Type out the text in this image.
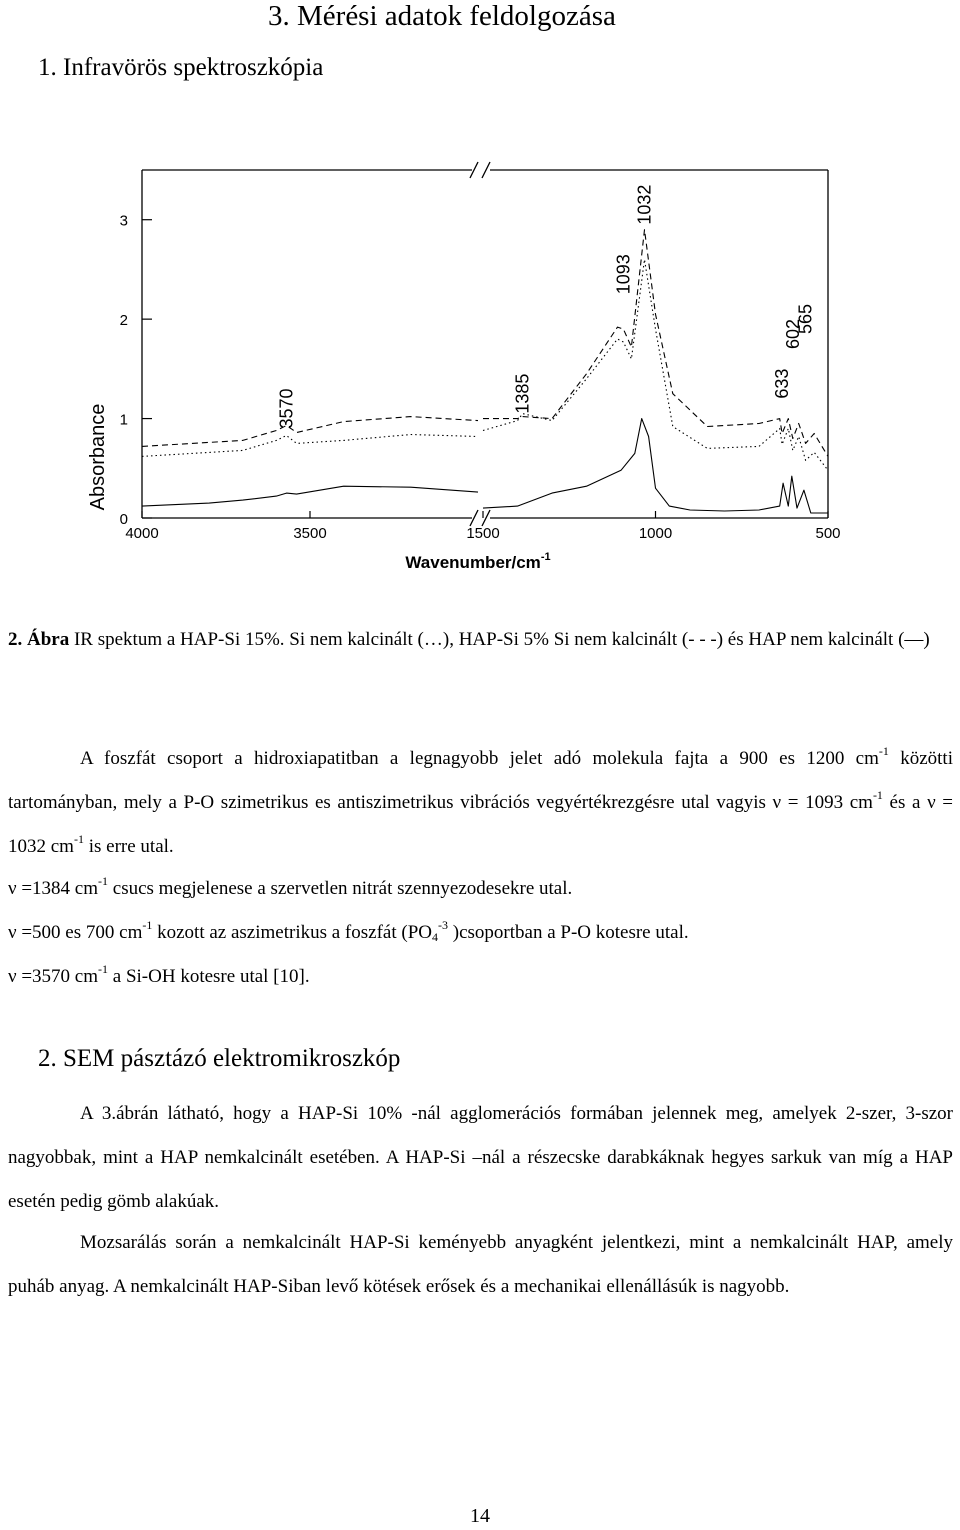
3. Mérési adatok feldolgozása
1. Infravörös spektroszkópia
4000	3500	1500	1000	500
0
1
2
3
3570	1385
1093
1032
633
602
565
Absorbance
Wavenumber/$cm^{-1}$
2. Ábra IR spektum a HAP-Si 15%. Si nem kalcinált (…), HAP-Si 5% Si nem kalcinált (- - -) és HAP nem kalcinált (—)
A foszfát csoport a hidroxiapatitban a legnagyobb jelet adó molekula fajta a 900 es 1200 $cm^{-1}$ közötti tartományban, mely a P-O szimetrikus es antiszimetrikus vibrációs vegyértékrezgésre utal vagyis ν = 1093 $cm^{-1}$ és a ν = 1032 $cm^{-1}$ is erre utal.
ν =1384 $cm^{-1}$ csucs megjelenese a szervetlen nitrát szennyezodesekre utal.
ν =500 es 700 $cm^{-1}$ kozott az aszimetrikus a foszfát ($PO_4^{-3}$ )csoportban a P-O kotesre utal.
ν =3570 $cm^{-1}$ a Si-OH kotesre utal [10].
2. SEM pásztázó elektromikroszkóp
A 3.ábrán látható, hogy a HAP-Si 10% -nál agglomerációs formában jelennek meg, amelyek 2-szer, 3-szor nagyobbak, mint a HAP nemkalcinált esetében. A HAP-Si –nál a részecske darabkáknak hegyes sarkuk van míg a HAP esetén pedig gömb alakúak.
Mozsarálás során a nemkalcinált HAP-Si keményebb anyagként jelentkezi, mint a nemkalcinált HAP, amely puháb anyag. A nemkalcinált HAP-Siban levő kötések erősek és a mechanikai ellenállásúk is nagyobb.
14
